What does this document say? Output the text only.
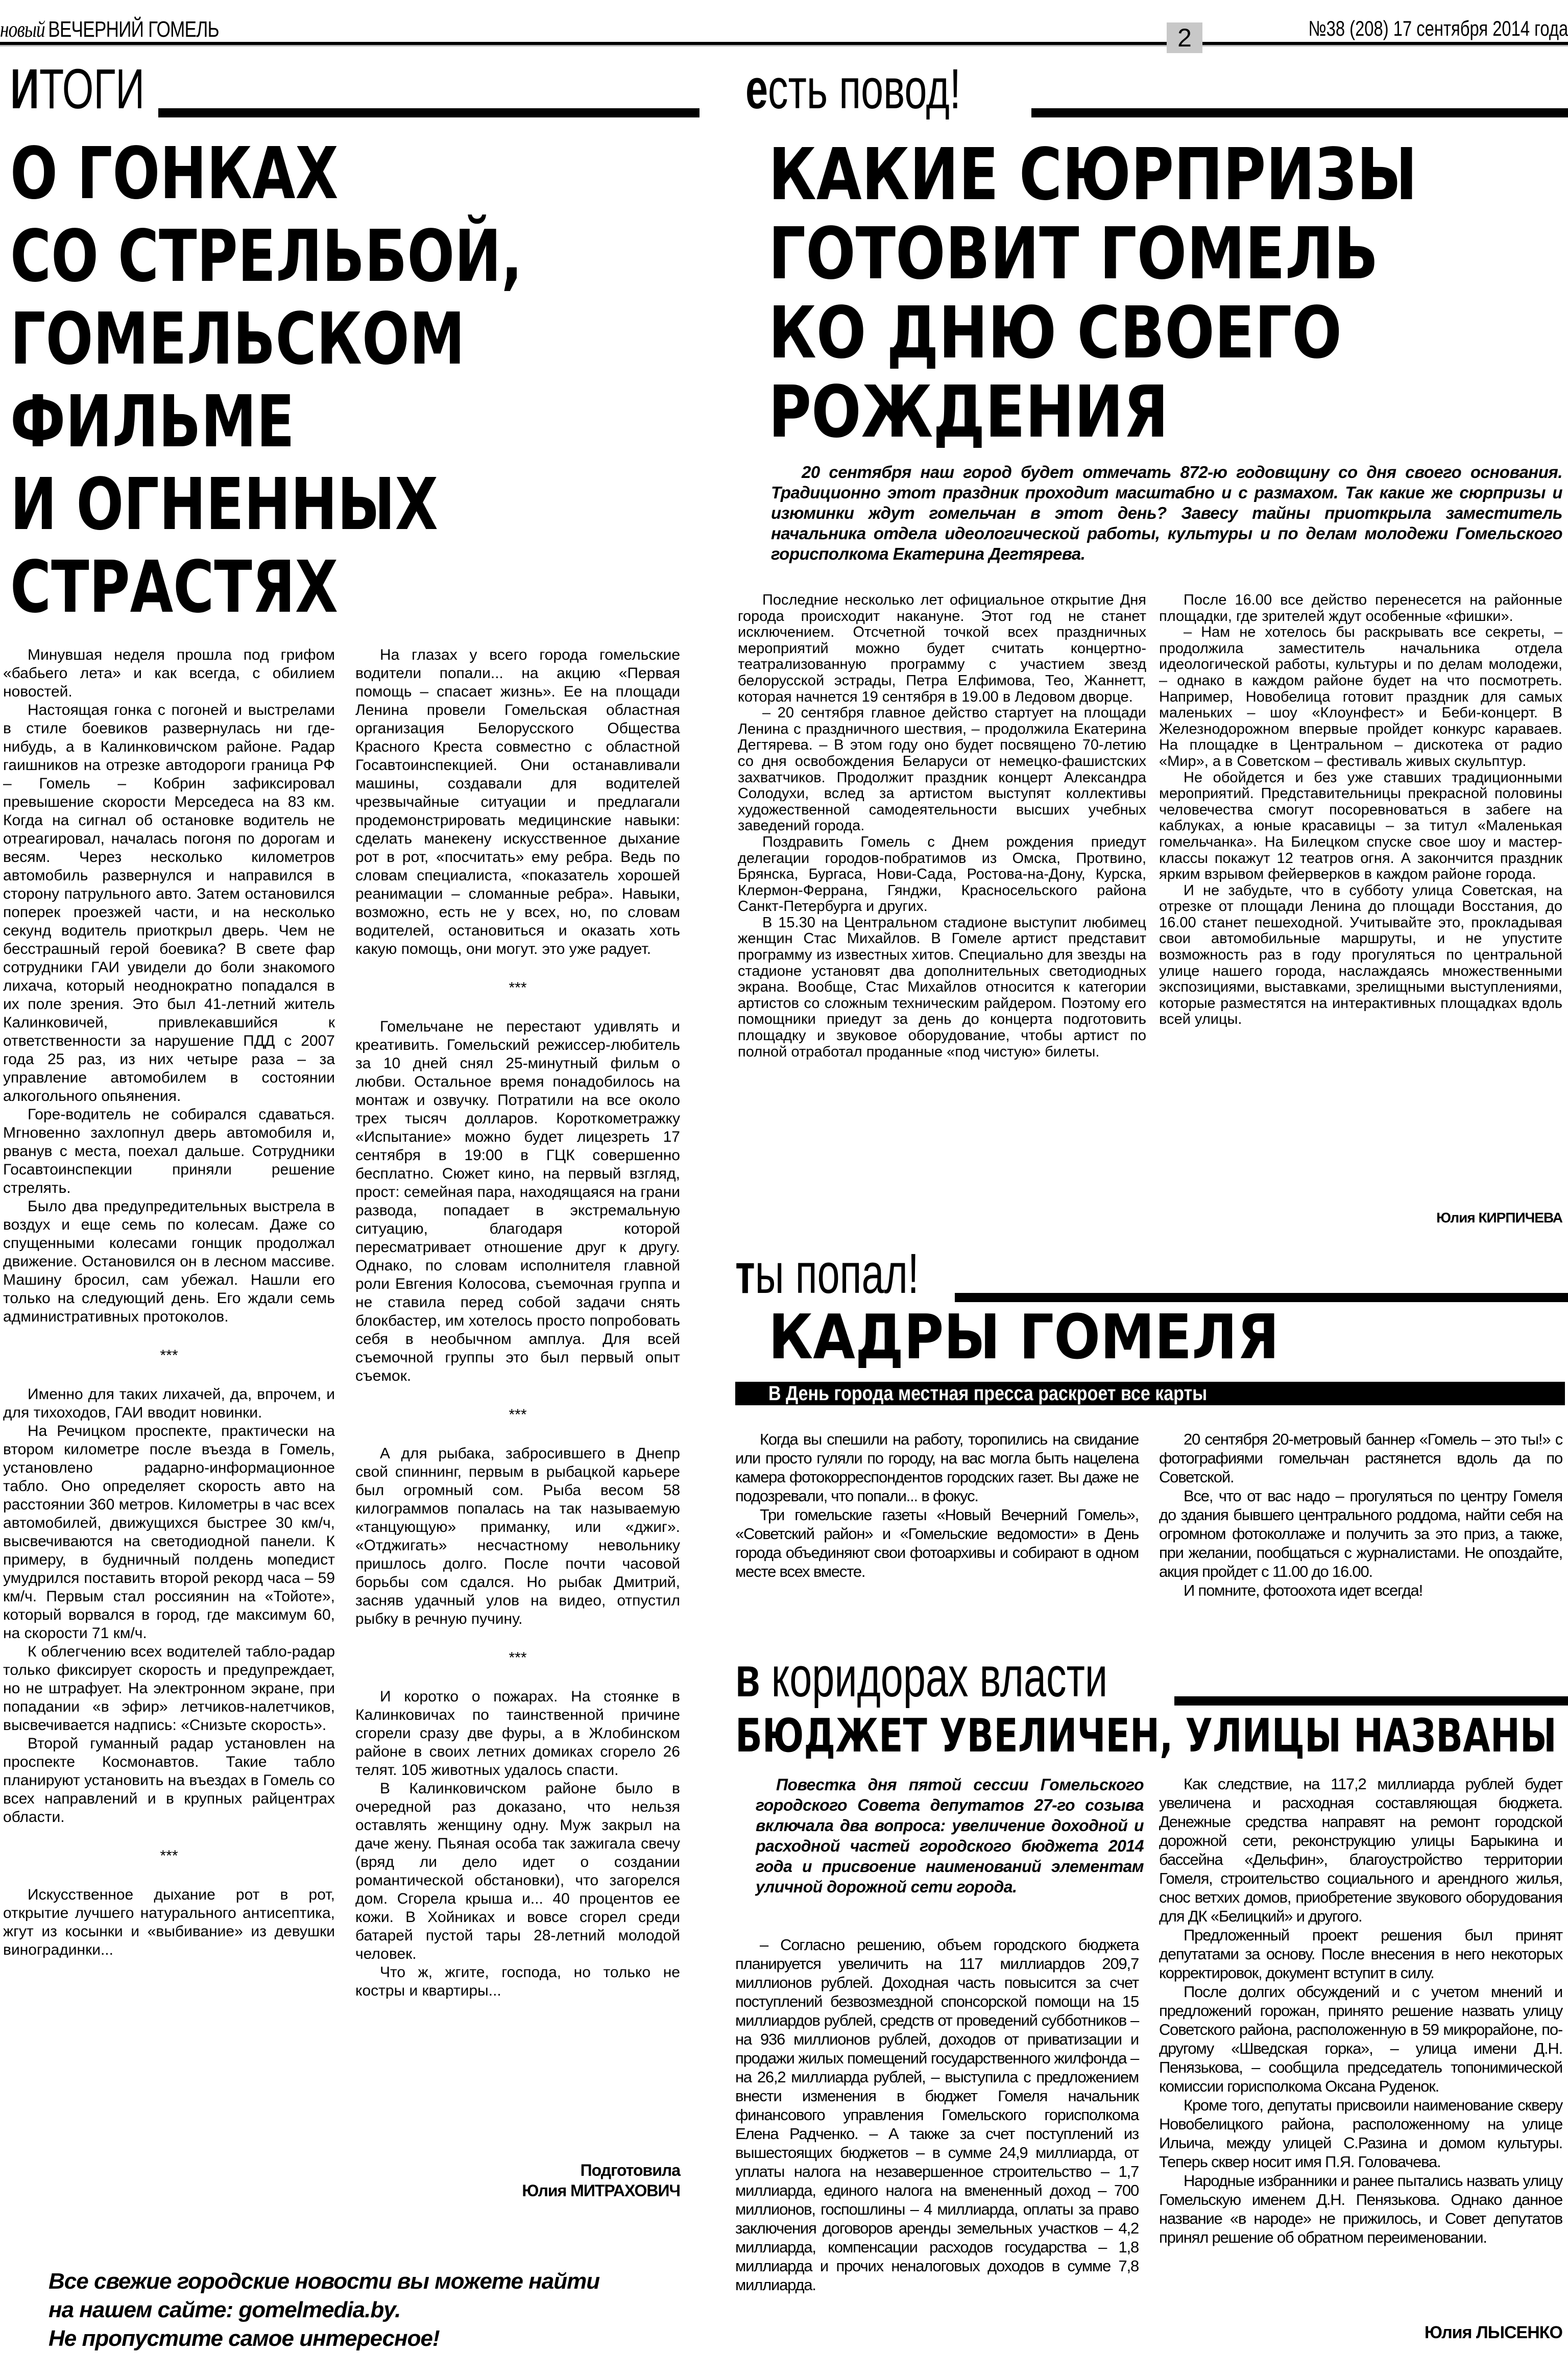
новый ВЕЧЕРНИЙ ГОМЕЛЬ	2	№38 (208) 17 сентября 2014 года
ИТОГИ
О ГОНКАХ
СО СТРЕЛЬБОЙ,
ГОМЕЛЬСКОМ
ФИЛЬМЕ
И ОГНЕННЫХ
СТРАСТЯХ

Минувшая неделя прошла под грифом «бабьего лета» и как всегда, с обилием новостей.

Настоящая гонка с погоней и выстрелами в стиле боевиков развернулась ни где-нибудь, а в Калинковичском районе. Радар гаишников на отрезке автодороги граница РФ – Гомель – Кобрин зафиксировал превышение скорости Мерседеса на 83 км. Когда на сигнал об остановке водитель не отреагировал, началась погоня по дорогам и весям. Через несколько километров автомобиль развернулся и направился в сторону патрульного авто. Затем остановился поперек проезжей части, и на несколько секунд водитель приоткрыл дверь. Чем не бесстрашный герой боевика? В свете фар сотрудники ГАИ увидели до боли знакомого лихача, который неоднократно попадался в их поле зрения. Это был 41-летний житель Калинковичей, привлекавшийся к ответственности за нарушение ПДД с 2007 года 25 раз, из них четыре раза – за управление автомобилем в состоянии алкогольного опьянения.

Горе-водитель не собирался сдаваться. Мгновенно захлопнул дверь автомобиля и, рванув с места, поехал дальше. Сотрудники Госавтоинспекции приняли решение стрелять.

Было два предупредительных выстрела в воздух и еще семь по колесам. Даже со спущенными колесами гонщик продолжал движение. Остановился он в лесном массиве. Машину бросил, сам убежал. Нашли его только на следующий день. Его ждали семь административных протоколов.

***

Именно для таких лихачей, да, впрочем, и для тихоходов, ГАИ вводит новинки.

На Речицком проспекте, практически на втором километре после въезда в Гомель, установлено радарно-информационное табло. Оно определяет скорость авто на расстоянии 360 метров. Километры в час всех автомобилей, движущихся быстрее 30 км/ч, высвечиваются на светодиодной панели. К примеру, в будничный полдень мопедист умудрился поставить второй рекорд часа – 59 км/ч. Первым стал россиянин на «Тойоте», который ворвался в город, где максимум 60, на скорости 71 км/ч.

К облегчению всех водителей табло-радар только фиксирует скорость и предупреждает, но не штрафует. На электронном экране, при попадании «в эфир» летчиков-налетчиков, высвечивается надпись: «Снизьте скорость».

Второй гуманный радар установлен на проспекте Космонавтов. Такие табло планируют установить на въездах в Гомель со всех направлений и в крупных райцентрах области.

***

Искусственное дыхание рот в рот, открытие лучшего натурального антисептика, жгут из косынки и «выбивание» из девушки виноградинки...

На глазах у всего города гомельские водители попали... на акцию «Первая помощь – спасает жизнь». Ее на площади Ленина провели Гомельская областная организация Белорусского Общества Красного Креста совместно с областной Госавтоинспекцией. Они останавливали машины, создавали для водителей чрезвычайные ситуации и предлагали продемонстрировать медицинские навыки: сделать манекену искусственное дыхание рот в рот, «посчитать» ему ребра. Ведь по словам специалиста, «показатель хорошей реанимации – сломанные ребра». Навыки, возможно, есть не у всех, но, по словам водителей, остановиться и оказать хоть какую помощь, они могут. это уже радует.

***

Гомельчане не перестают удивлять и креативить. Гомельский режиссер-любитель за 10 дней снял 25-минутный фильм о любви. Остальное время понадобилось на монтаж и озвучку. Потратили на все около трех тысяч долларов. Короткометражку «Испытание» можно будет лицезреть 17 сентября в 19:00 в ГЦК совершенно бесплатно. Сюжет кино, на первый взгляд, прост: семейная пара, находящаяся на грани развода, попадает в экстремальную ситуацию, благодаря которой пересматривает отношение друг к другу. Однако, по словам исполнителя главной роли Евгения Колосова, съемочная группа и не ставила перед собой задачи снять блокбастер, им хотелось просто попробовать себя в необычном амплуа. Для всей съемочной группы это был первый опыт съемок.

***

А для рыбака, забросившего в Днепр свой спиннинг, первым в рыбацкой карьере был огромный сом. Рыба весом 58 килограммов попалась на так называемую «танцующую» приманку, или «джиг». «Отджигать» несчастному невольнику пришлось долго. После почти часовой борьбы сом сдался. Но рыбак Дмитрий, засняв удачный улов на видео, отпустил рыбку в речную пучину.

***

И коротко о пожарах. На стоянке в Калинковичах по таинственной причине сгорели сразу две фуры, а в Жлобинском районе в своих летних домиках сгорело 26 телят. 105 животных удалось спасти.

В Калинковичском районе было в очередной раз доказано, что нельзя оставлять женщину одну. Муж закрыл на даче жену. Пьяная особа так зажигала свечу (вряд ли дело идет о создании романтической обстановки), что загорелся дом. Сгорела крыша и... 40 процентов ее кожи. В Хойниках и вовсе сгорел среди батарей пустой тары 28-летний молодой человек.

Что ж, жгите, господа, но только не костры и квартиры...

Подготовила
Юлия МИТРАХОВИЧ
Все свежие городские новости вы можете найти
на нашем сайте: gomelmedia.by.
Не пропустите самое интересное!
есть повод!
КАКИЕ СЮРПРИЗЫ
ГОТОВИТ ГОМЕЛЬ
КО ДНЮ СВОЕГО
РОЖДЕНИЯ

20 сентября наш город будет отмечать 872-ю годовщину со дня своего основания. Традиционно этот праздник проходит масштабно и с размахом. Так какие же сюрпризы и изюминки ждут гомельчан в этот день? Завесу тайны приоткрыла заместитель начальника отдела идеологической работы, культуры и по делам молодежи Гомельского горисполкома Екатерина Дегтярева.

Последние несколько лет официальное открытие Дня города происходит накануне. Этот год не станет исключением. Отсчетной точкой всех праздничных мероприятий можно будет считать концертно-театрализованную программу с участием звезд белорусской эстрады, Петра Елфимова, Тео, Жаннетт, которая начнется 19 сентября в 19.00 в Ледовом дворце.

– 20 сентября главное действо стартует на площади Ленина с праздничного шествия, – продолжила Екатерина Дегтярева. – В этом году оно будет посвящено 70-летию со дня освобождения Беларуси от немецко-фашистских захватчиков. Продолжит праздник концерт Александра Солодухи, вслед за артистом выступят коллективы художественной самодеятельности высших учебных заведений города.

Поздравить Гомель с Днем рождения приедут делегации городов-побратимов из Омска, Протвино, Брянска, Бургаса, Нови-Сада, Ростова-на-Дону, Курска, Клермон-Феррана, Гянджи, Красносельского района Санкт-Петербурга и других.

В 15.30 на Центральном стадионе выступит любимец женщин Стас Михайлов. В Гомеле артист представит программу из известных хитов. Специально для звезды на стадионе установят два дополнительных светодиодных экрана. Вообще, Стас Михайлов относится к категории артистов со сложным техническим райдером. Поэтому его помощники приедут за день до концерта подготовить площадку и звуковое оборудование, чтобы артист по полной отработал проданные «под чистую» билеты.

После 16.00 все действо перенесется на районные площадки, где зрителей ждут особенные «фишки».

– Нам не хотелось бы раскрывать все секреты, – продолжила заместитель начальника отдела идеологической работы, культуры и по делам молодежи, – однако в каждом районе будет на что посмотреть. Например, Новобелица готовит праздник для самых маленьких – шоу «Клоунфест» и Беби-концерт. В Железнодорожном впервые пройдет конкурс караваев. На площадке в Центральном – дискотека от радио «Мир», а в Советском – фестиваль живых скульптур.

Не обойдется и без уже ставших традиционными мероприятий. Представительницы прекрасной половины человечества смогут посоревноваться в забеге на каблуках, а юные красавицы – за титул «Маленькая гомельчанка». На Билецком спуске свое шоу и мастер-классы покажут 12 театров огня. А закончится праздник ярким взрывом фейерверков в каждом районе города.

И не забудьте, что в субботу улица Советская, на отрезке от площади Ленина до площади Восстания, до 16.00 станет пешеходной. Учитывайте это, прокладывая свои автомобильные маршруты, и не упустите возможность раз в году прогуляться по центральной улице нашего города, наслаждаясь множественными экспозициями, выставками, зрелищными выступлениями, которые разместятся на интерактивных площадках вдоль всей улицы.

Юлия КИРПИЧЕВА
ты попал!
КАДРЫ ГОМЕЛЯ
В День города местная пресса раскроет все карты

Когда вы спешили на работу, торопились на свидание или просто гуляли по городу, на вас могла быть нацелена камера фотокорреспондентов городских газет. Вы даже не подозревали, что попали... в фокус.

Три гомельские газеты «Новый Вечерний Гомель», «Советский район» и «Гомельские ведомости» в День города объединяют свои фотоархивы и собирают в одном месте всех вместе.

20 сентября 20-метровый баннер «Гомель – это ты!» с фотографиями гомельчан растянется вдоль да по Советской.

Все, что от вас надо – прогуляться по центру Гомеля до здания бывшего центрального роддома, найти себя на огромном фотоколлаже и получить за это приз, а также, при желании, пообщаться с журналистами. Не опоздайте, акция пройдет с 11.00 до 16.00.

И помните, фотоохота идет всегда!

в коридорах власти
БЮДЖЕТ УВЕЛИЧЕН, УЛИЦЫ НАЗВАНЫ

Повестка дня пятой сессии Гомельского городского Совета депутатов 27-го созыва включала два вопроса: увеличение доходной и расходной частей городского бюджета 2014 года и присвоение наименований элементам уличной дорожной сети города.

– Согласно решению, объем городского бюджета планируется увеличить на 117 миллиардов 209,7 миллионов рублей. Доходная часть повысится за счет поступлений безвозмездной спонсорской помощи на 15 миллиардов рублей, средств от проведений субботников – на 936 миллионов рублей, доходов от приватизации и продажи жилых помещений государственного жилфонда – на 26,2 миллиарда рублей, – выступила с предложением внести изменения в бюджет Гомеля начальник финансового управления Гомельского горисполкома Елена Радченко. – А также за счет поступлений из вышестоящих бюджетов – в сумме 24,9 миллиарда, от уплаты налога на незавершенное строительство – 1,7 миллиарда, единого налога на вмененный доход – 700 миллионов, госпошлины – 4 миллиарда, оплаты за право заключения договоров аренды земельных участков – 4,2 миллиарда, компенсации расходов государства – 1,8 миллиарда и прочих неналоговых доходов в сумме 7,8 миллиарда.

Как следствие, на 117,2 миллиарда рублей будет увеличена и расходная составляющая бюджета. Денежные средства направят на ремонт городской дорожной сети, реконструкцию улицы Барыкина и бассейна «Дельфин», благоустройство территории Гомеля, строительство социального и арендного жилья, снос ветхих домов, приобретение звукового оборудования для ДК «Белицкий» и другого.

Предложенный проект решения был принят депутатами за основу. После внесения в него некоторых корректировок, документ вступит в силу.

После долгих обсуждений и с учетом мнений и предложений горожан, принято решение назвать улицу Советского района, расположенную в 59 микрорайоне, по-другому «Шведская горка», – улица имени Д.Н. Пенязькова, – сообщила председатель топонимической комиссии горисполкома Оксана Руденок.

Кроме того, депутаты присвоили наименование скверу Новобелицкого района, расположенному на улице Ильича, между улицей С.Разина и домом культуры. Теперь сквер носит имя П.Я. Головачева.

Народные избранники и ранее пытались назвать улицу Гомельскую именем Д.Н. Пенязькова. Однако данное название «в народе» не прижилось, и Совет депутатов принял решение об обратном переименовании.

Юлия ЛЫСЕНКО
